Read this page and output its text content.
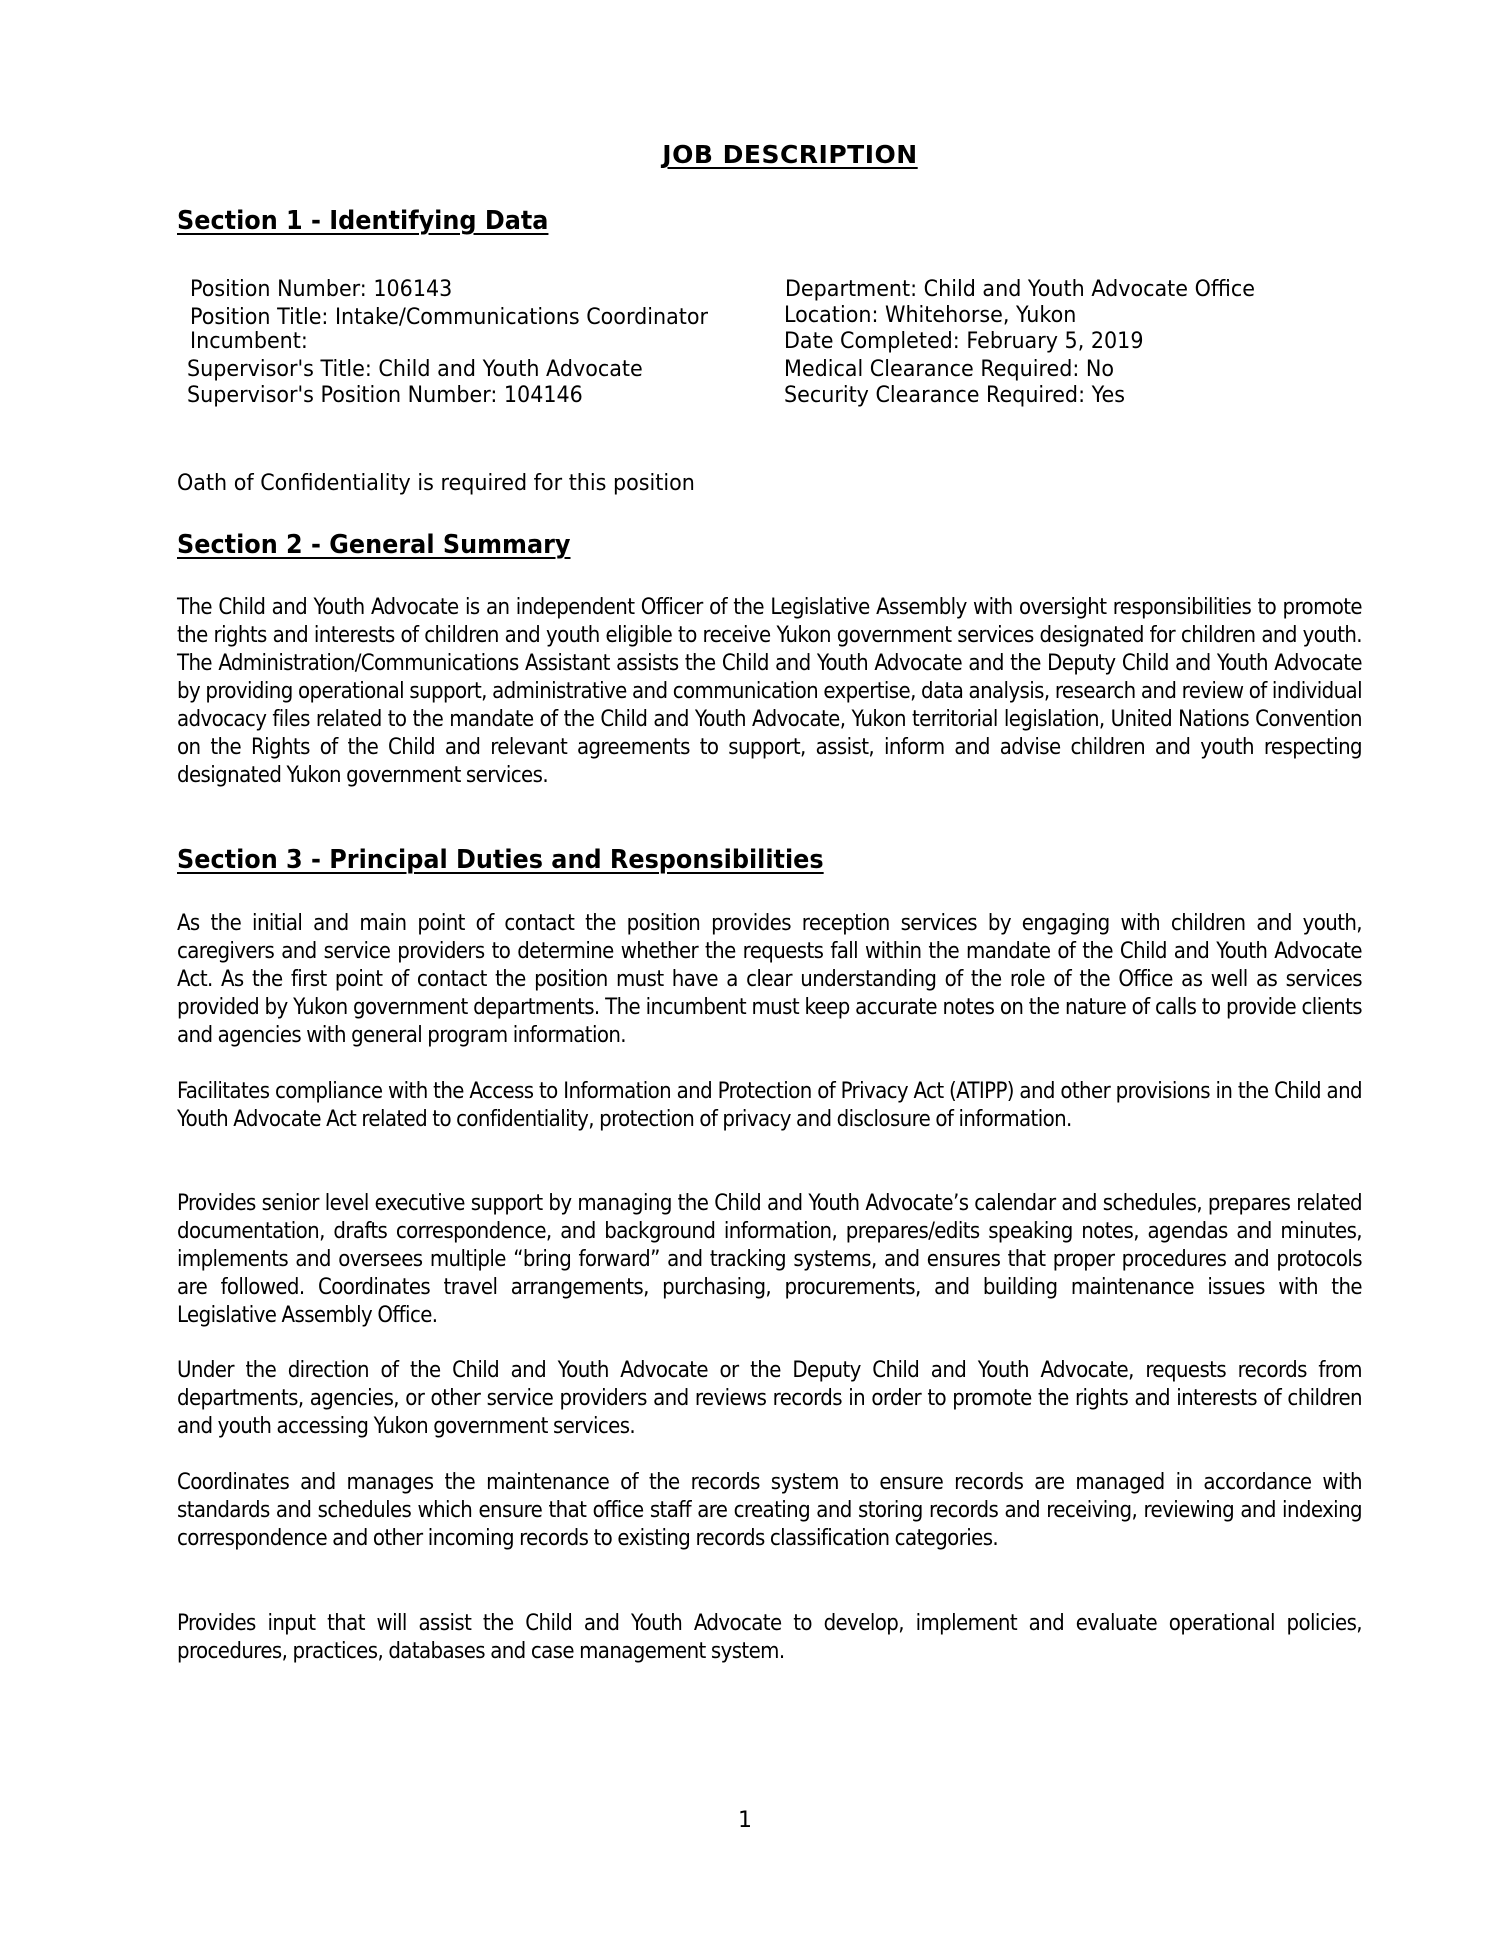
JOB DESCRIPTION
Section 1 - Identifying Data
Position Number: 106143
Position Title: Intake/Communications Coordinator
Incumbent:
Supervisor's Title: Child and Youth Advocate
Supervisor's Position Number: 104146
Department: Child and Youth Advocate Office
Location: Whitehorse, Yukon
Date Completed: February 5, 2019
Medical Clearance Required: No
Security Clearance Required: Yes
Oath of Confidentiality is required for this position
Section 2 - General Summary
The Child and Youth Advocate is an independent Officer of the Legislative Assembly with oversight responsibilities to promote the rights and interests of children and youth eligible to receive Yukon government services designated for children and youth. The Administration/Communications Assistant assists the Child and Youth Advocate and the Deputy Child and Youth Advocate by providing operational support, administrative and communication expertise, data analysis, research and review of individual advocacy files related to the mandate of the Child and Youth Advocate, Yukon territorial legislation, United Nations Convention on the Rights of the Child and relevant agreements to support, assist, inform and advise children and youth respecting designated Yukon government services.
Section 3 - Principal Duties and Responsibilities
As the initial and main point of contact the position provides reception services by engaging with children and youth, caregivers and service providers to determine whether the requests fall within the mandate of the Child and Youth Advocate Act. As the first point of contact the position must have a clear understanding of the role of the Office as well as services provided by Yukon government departments. The incumbent must keep accurate notes on the nature of calls to provide clients and agencies with general program information.
Facilitates compliance with the Access to Information and Protection of Privacy Act (ATIPP) and other provisions in the Child and Youth Advocate Act related to confidentiality, protection of privacy and disclosure of information.
Provides senior level executive support by managing the Child and Youth Advocate’s calendar and schedules, prepares related documentation, drafts correspondence, and background information, prepares/edits speaking notes, agendas and minutes, implements and oversees multiple “bring forward” and tracking systems, and ensures that proper procedures and protocols are followed. Coordinates travel arrangements, purchasing, procurements, and building maintenance issues with the Legislative Assembly Office.
Under the direction of the Child and Youth Advocate or the Deputy Child and Youth Advocate, requests records from departments, agencies, or other service providers and reviews records in order to promote the rights and interests of children and youth accessing Yukon government services.
Coordinates and manages the maintenance of the records system to ensure records are managed in accordance with standards and schedules which ensure that office staff are creating and storing records and receiving, reviewing and indexing correspondence and other incoming records to existing records classification categories.
Provides input that will assist the Child and Youth Advocate to develop, implement and evaluate operational policies, procedures, practices, databases and case management system.
1
